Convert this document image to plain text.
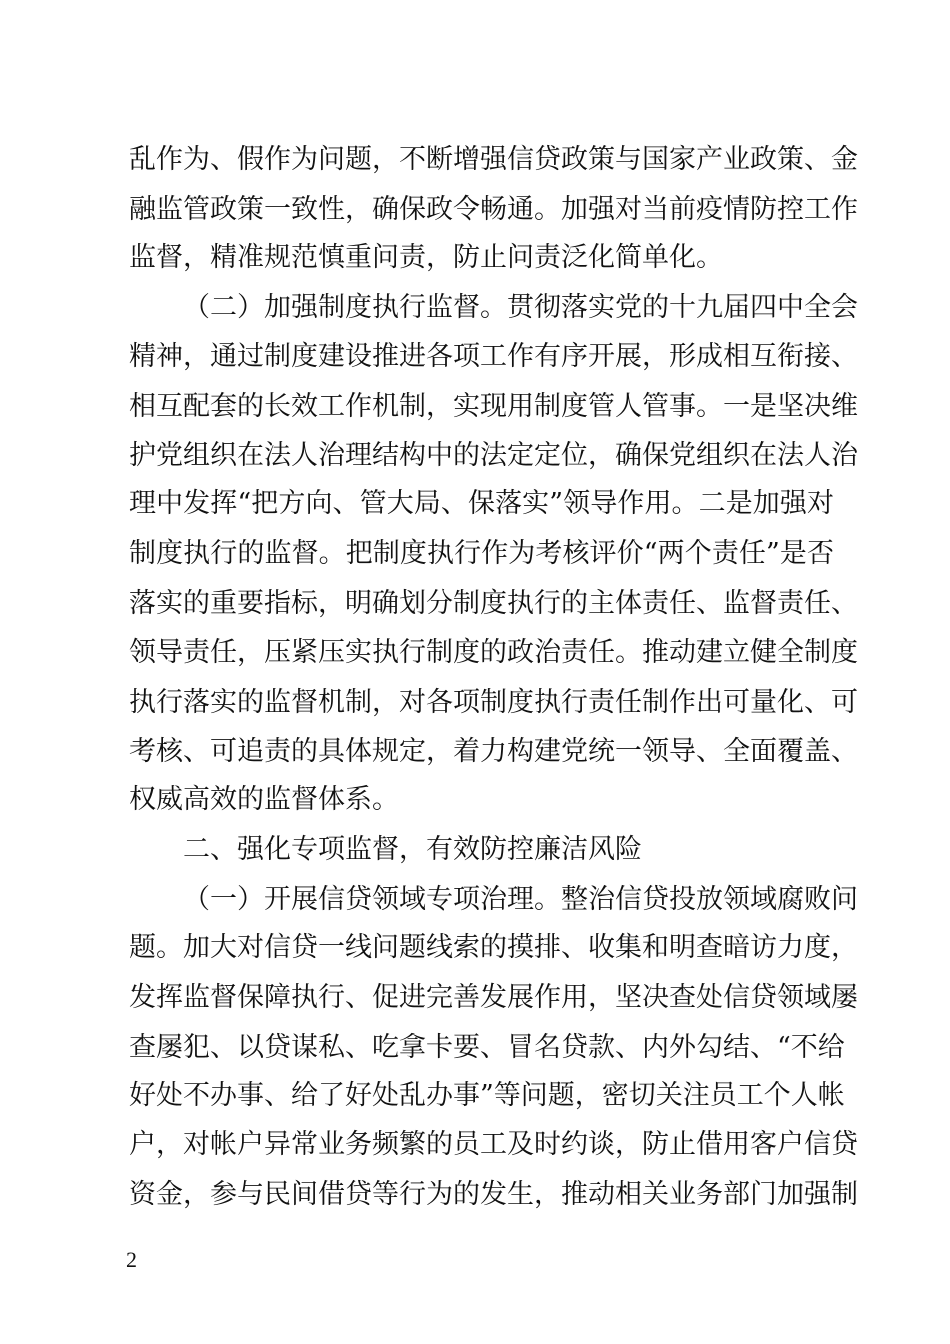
乱作为、假作为问题，不断增强信贷政策与国家产业政策、金
融监管政策一致性，确保政令畅通。加强对当前疫情防控工作
监督，精准规范慎重问责，防止问责泛化简单化。
（二）加强制度执行监督。贯彻落实党的十九届四中全会
精神，通过制度建设推进各项工作有序开展，形成相互衔接、
相互配套的长效工作机制，实现用制度管人管事。一是坚决维
护党组织在法人治理结构中的法定定位，确保党组织在法人治
理中发挥“把方向、管大局、保落实”领导作用。二是加强对
制度执行的监督。把制度执行作为考核评价“两个责任”是否
落实的重要指标，明确划分制度执行的主体责任、监督责任、
领导责任，压紧压实执行制度的政治责任。推动建立健全制度
执行落实的监督机制，对各项制度执行责任制作出可量化、可
考核、可追责的具体规定，着力构建党统一领导、全面覆盖、
权威高效的监督体系。
二、强化专项监督，有效防控廉洁风险
（一）开展信贷领域专项治理。整治信贷投放领域腐败问
题。加大对信贷一线问题线索的摸排、收集和明查暗访力度，
发挥监督保障执行、促进完善发展作用，坚决查处信贷领域屡
查屡犯、以贷谋私、吃拿卡要、冒名贷款、内外勾结、“不给
好处不办事、给了好处乱办事”等问题，密切关注员工个人帐
户，对帐户异常业务频繁的员工及时约谈，防止借用客户信贷
资金，参与民间借贷等行为的发生，推动相关业务部门加强制
2
